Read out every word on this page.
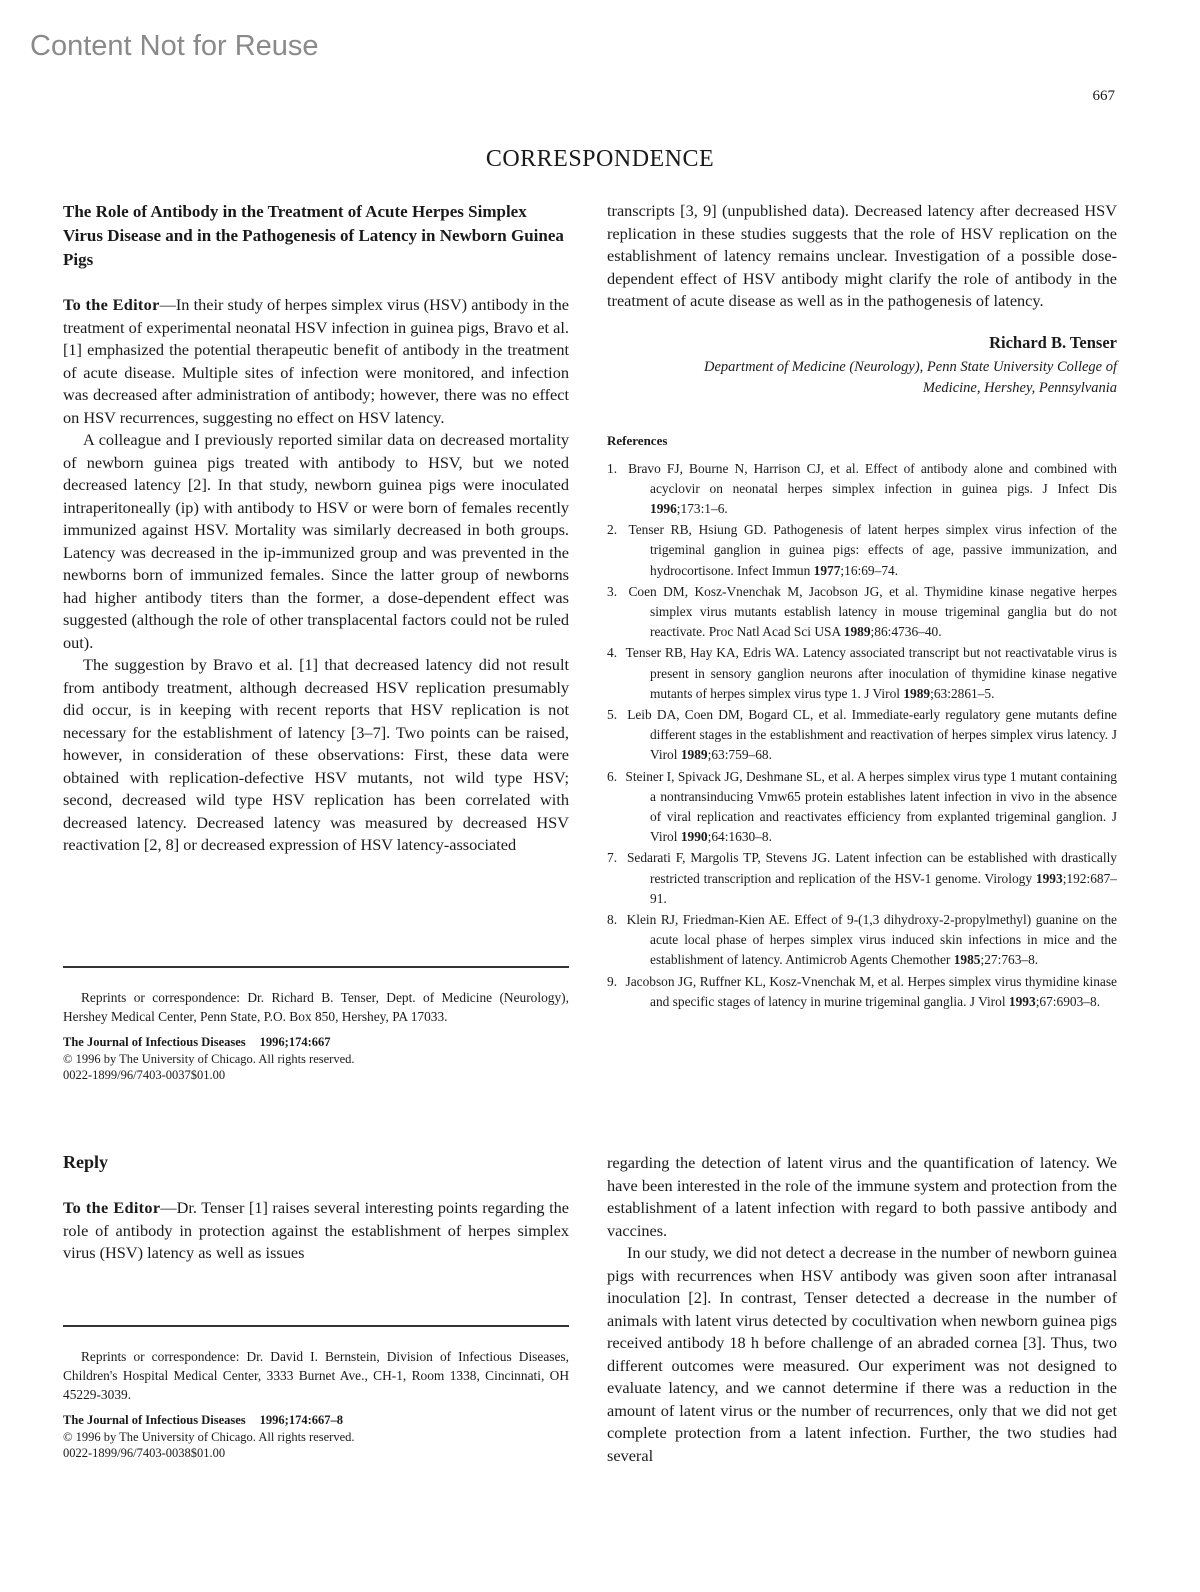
Content Not for Reuse
667
CORRESPONDENCE
The Role of Antibody in the Treatment of Acute Herpes Simplex Virus Disease and in the Pathogenesis of Latency in Newborn Guinea Pigs

To the Editor—In their study of herpes simplex virus (HSV) antibody in the treatment of experimental neonatal HSV infection in guinea pigs, Bravo et al. [1] emphasized the potential therapeutic benefit of antibody in the treatment of acute disease. Multiple sites of infection were monitored, and infection was decreased after administration of antibody; however, there was no effect on HSV recurrences, suggesting no effect on HSV latency.

A colleague and I previously reported similar data on decreased mortality of newborn guinea pigs treated with antibody to HSV, but we noted decreased latency [2]. In that study, newborn guinea pigs were inoculated intraperitoneally (ip) with antibody to HSV or were born of females recently immunized against HSV. Mortality was similarly decreased in both groups. Latency was decreased in the ip-immunized group and was prevented in the newborns born of immunized females. Since the latter group of newborns had higher antibody titers than the former, a dose-dependent effect was suggested (although the role of other transplacental factors could not be ruled out).

The suggestion by Bravo et al. [1] that decreased latency did not result from antibody treatment, although decreased HSV replication presumably did occur, is in keeping with recent reports that HSV replication is not necessary for the establishment of latency [3–7]. Two points can be raised, however, in consideration of these observations: First, these data were obtained with replication-defective HSV mutants, not wild type HSV; second, decreased wild type HSV replication has been correlated with decreased latency. Decreased latency was measured by decreased HSV reactivation [2, 8] or decreased expression of HSV latency-associated

Reprints or correspondence: Dr. Richard B. Tenser, Dept. of Medicine (Neurology), Hershey Medical Center, Penn State, P.O. Box 850, Hershey, PA 17033.

The Journal of Infectious Diseases 1996;174:667
© 1996 by The University of Chicago. All rights reserved.
0022-1899/96/7403-0037$01.00

transcripts [3, 9] (unpublished data). Decreased latency after decreased HSV replication in these studies suggests that the role of HSV replication on the establishment of latency remains unclear. Investigation of a possible dose-dependent effect of HSV antibody might clarify the role of antibody in the treatment of acute disease as well as in the pathogenesis of latency.

Richard B. Tenser
Department of Medicine (Neurology), Penn State University College of
Medicine, Hershey, Pennsylvania
References
1. Bravo FJ, Bourne N, Harrison CJ, et al. Effect of antibody alone and combined with acyclovir on neonatal herpes simplex infection in guinea pigs. J Infect Dis 1996;173:1–6.
2. Tenser RB, Hsiung GD. Pathogenesis of latent herpes simplex virus infection of the trigeminal ganglion in guinea pigs: effects of age, passive immunization, and hydrocortisone. Infect Immun 1977;16:69–74.
3. Coen DM, Kosz-Vnenchak M, Jacobson JG, et al. Thymidine kinase negative herpes simplex virus mutants establish latency in mouse trigeminal ganglia but do not reactivate. Proc Natl Acad Sci USA 1989;86:4736–40.
4. Tenser RB, Hay KA, Edris WA. Latency associated transcript but not reactivatable virus is present in sensory ganglion neurons after inoculation of thymidine kinase negative mutants of herpes simplex virus type 1. J Virol 1989;63:2861–5.
5. Leib DA, Coen DM, Bogard CL, et al. Immediate-early regulatory gene mutants define different stages in the establishment and reactivation of herpes simplex virus latency. J Virol 1989;63:759–68.
6. Steiner I, Spivack JG, Deshmane SL, et al. A herpes simplex virus type 1 mutant containing a nontransinducing Vmw65 protein establishes latent infection in vivo in the absence of viral replication and reactivates efficiency from explanted trigeminal ganglion. J Virol 1990;64:1630–8.
7. Sedarati F, Margolis TP, Stevens JG. Latent infection can be established with drastically restricted transcription and replication of the HSV-1 genome. Virology 1993;192:687–91.
8. Klein RJ, Friedman-Kien AE. Effect of 9-(1,3 dihydroxy-2-propylmethyl) guanine on the acute local phase of herpes simplex virus induced skin infections in mice and the establishment of latency. Antimicrob Agents Chemother 1985;27:763–8.
9. Jacobson JG, Ruffner KL, Kosz-Vnenchak M, et al. Herpes simplex virus thymidine kinase and specific stages of latency in murine trigeminal ganglia. J Virol 1993;67:6903–8.
Reply

To the Editor—Dr. Tenser [1] raises several interesting points regarding the role of antibody in protection against the establishment of herpes simplex virus (HSV) latency as well as issues

Reprints or correspondence: Dr. David I. Bernstein, Division of Infectious Diseases, Children's Hospital Medical Center, 3333 Burnet Ave., CH-1, Room 1338, Cincinnati, OH 45229-3039.

The Journal of Infectious Diseases 1996;174:667–8
© 1996 by The University of Chicago. All rights reserved.
0022-1899/96/7403-0038$01.00

regarding the detection of latent virus and the quantification of latency. We have been interested in the role of the immune system and protection from the establishment of a latent infection with regard to both passive antibody and vaccines.

In our study, we did not detect a decrease in the number of newborn guinea pigs with recurrences when HSV antibody was given soon after intranasal inoculation [2]. In contrast, Tenser detected a decrease in the number of animals with latent virus detected by cocultivation when newborn guinea pigs received antibody 18 h before challenge of an abraded cornea [3]. Thus, two different outcomes were measured. Our experiment was not designed to evaluate latency, and we cannot determine if there was a reduction in the amount of latent virus or the number of recurrences, only that we did not get complete protection from a latent infection. Further, the two studies had several
